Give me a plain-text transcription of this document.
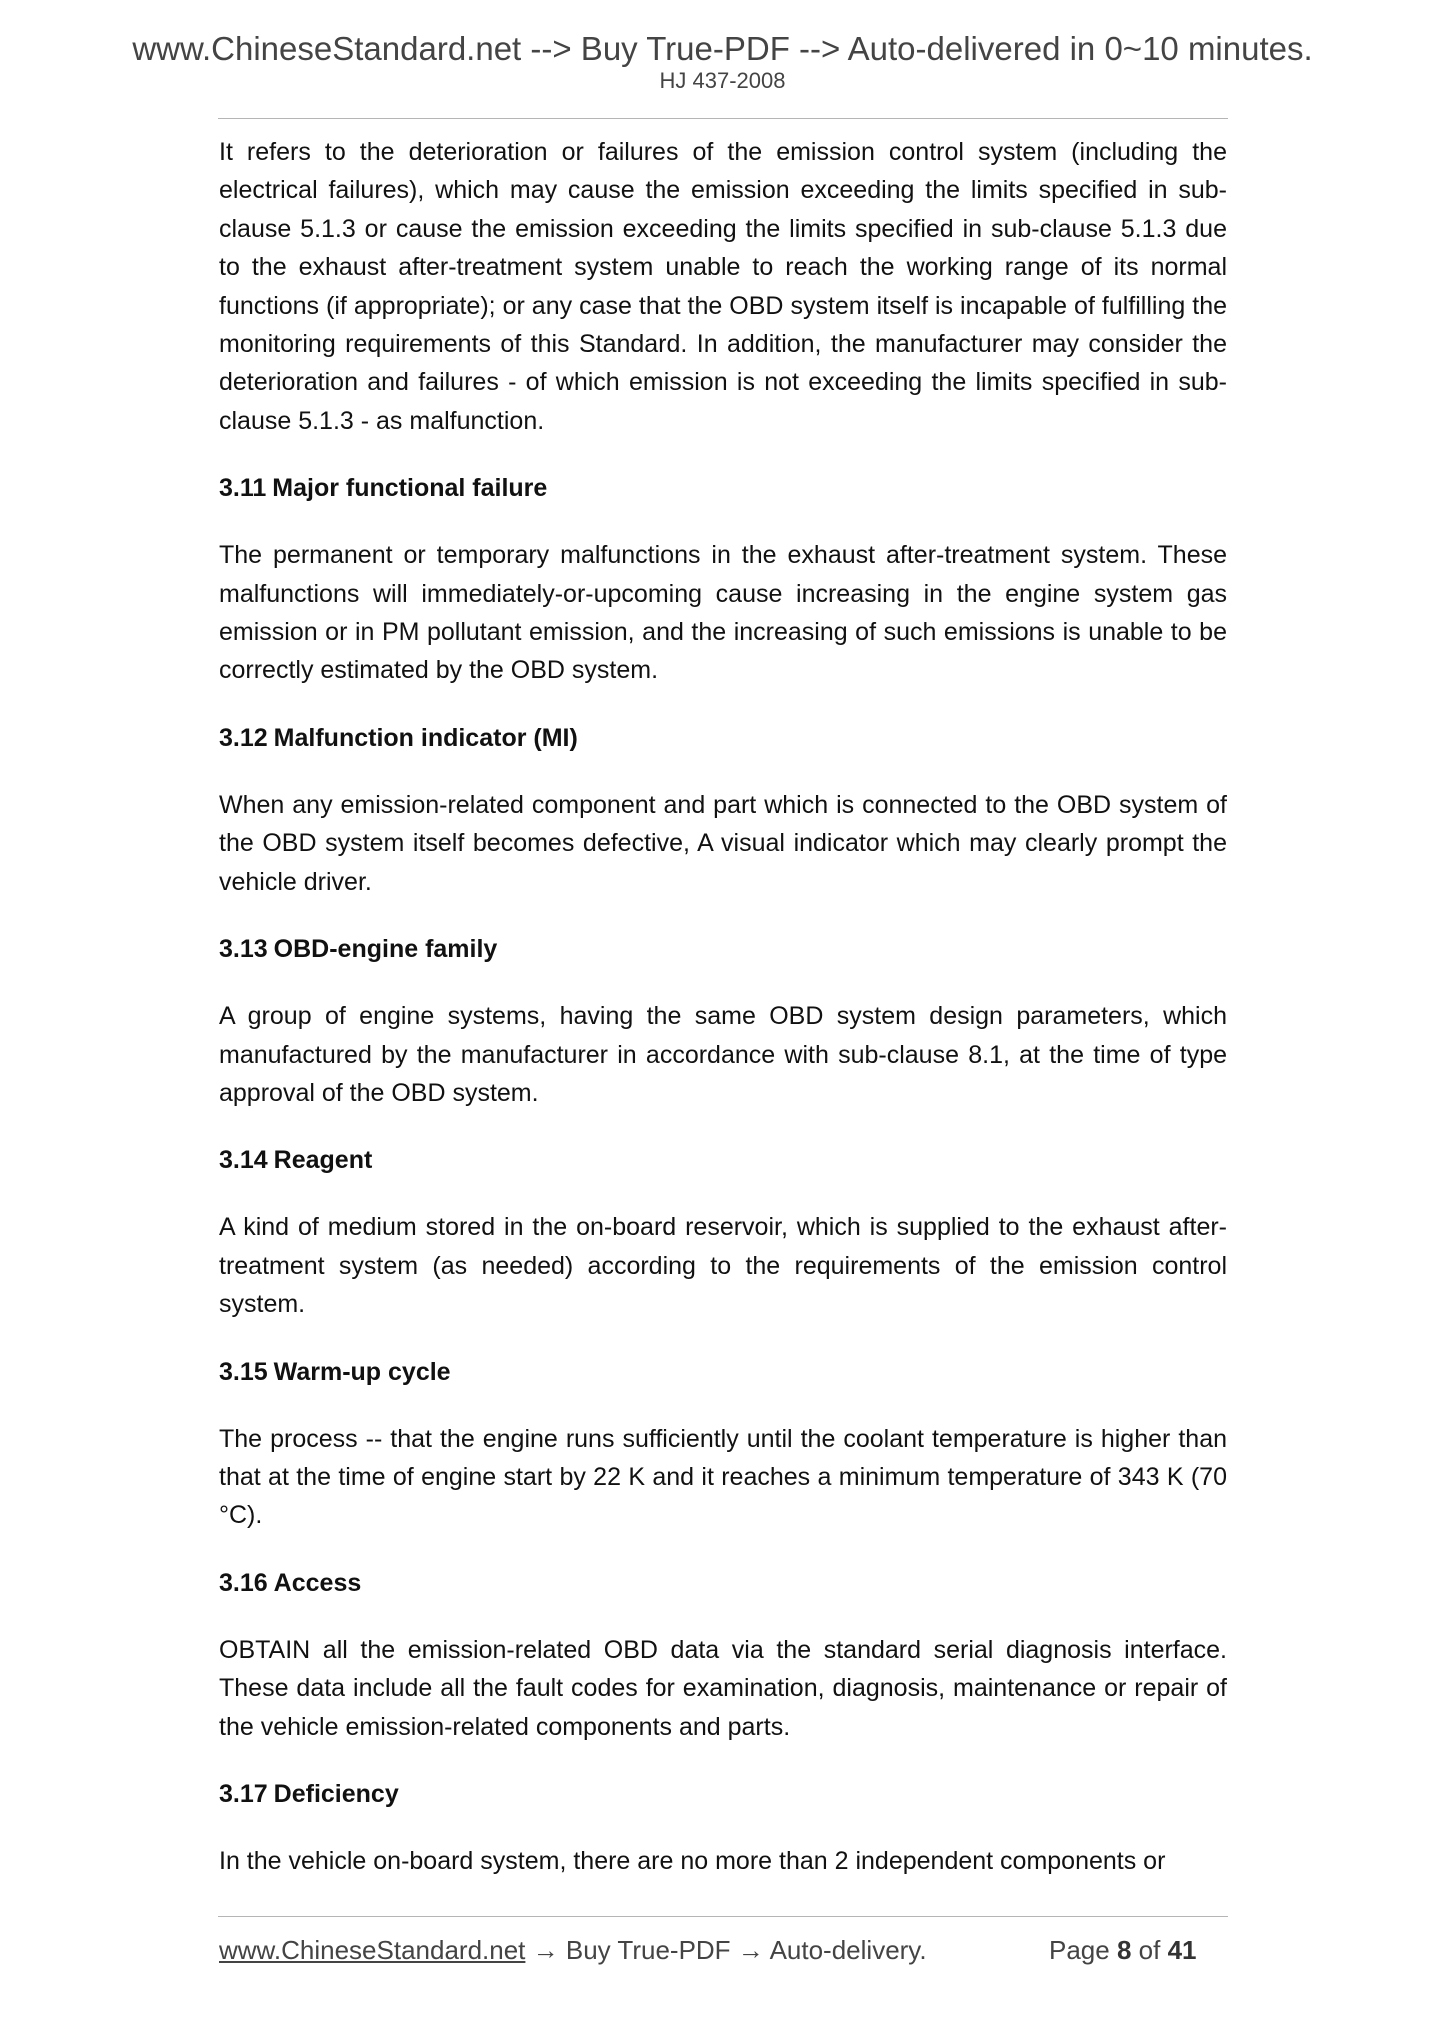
www.ChineseStandard.net --> Buy True-PDF --> Auto-delivered in 0~10 minutes.
HJ 437-2008

It refers to the deterioration or failures of the emission control system (including the electrical failures), which may cause the emission exceeding the limits specified in sub-clause 5.1.3 or cause the emission exceeding the limits specified in sub-clause 5.1.3 due to the exhaust after-treatment system unable to reach the working range of its normal functions (if appropriate); or any case that the OBD system itself is incapable of fulfilling the monitoring requirements of this Standard. In addition, the manufacturer may consider the deterioration and failures - of which emission is not exceeding the limits specified in sub-clause 5.1.3 - as malfunction.

3.11 Major functional failure

The permanent or temporary malfunctions in the exhaust after-treatment system. These malfunctions will immediately-or-upcoming cause increasing in the engine system gas emission or in PM pollutant emission, and the increasing of such emissions is unable to be correctly estimated by the OBD system.

3.12 Malfunction indicator (MI)

When any emission-related component and part which is connected to the OBD system of the OBD system itself becomes defective, A visual indicator which may clearly prompt the vehicle driver.

3.13 OBD-engine family

A group of engine systems, having the same OBD system design parameters, which manufactured by the manufacturer in accordance with sub-clause 8.1, at the time of type approval of the OBD system.

3.14 Reagent

A kind of medium stored in the on-board reservoir, which is supplied to the exhaust after-treatment system (as needed) according to the requirements of the emission control system.

3.15 Warm-up cycle

The process -- that the engine runs sufficiently until the coolant temperature is higher than that at the time of engine start by 22 K and it reaches a minimum temperature of 343 K (70 °C).

3.16 Access

OBTAIN all the emission-related OBD data via the standard serial diagnosis interface. These data include all the fault codes for examination, diagnosis, maintenance or repair of the vehicle emission-related components and parts.

3.17 Deficiency

In the vehicle on-board system, there are no more than 2 independent components or

www.ChineseStandard.net → Buy True-PDF → Auto-delivery.	Page 8 of 41
